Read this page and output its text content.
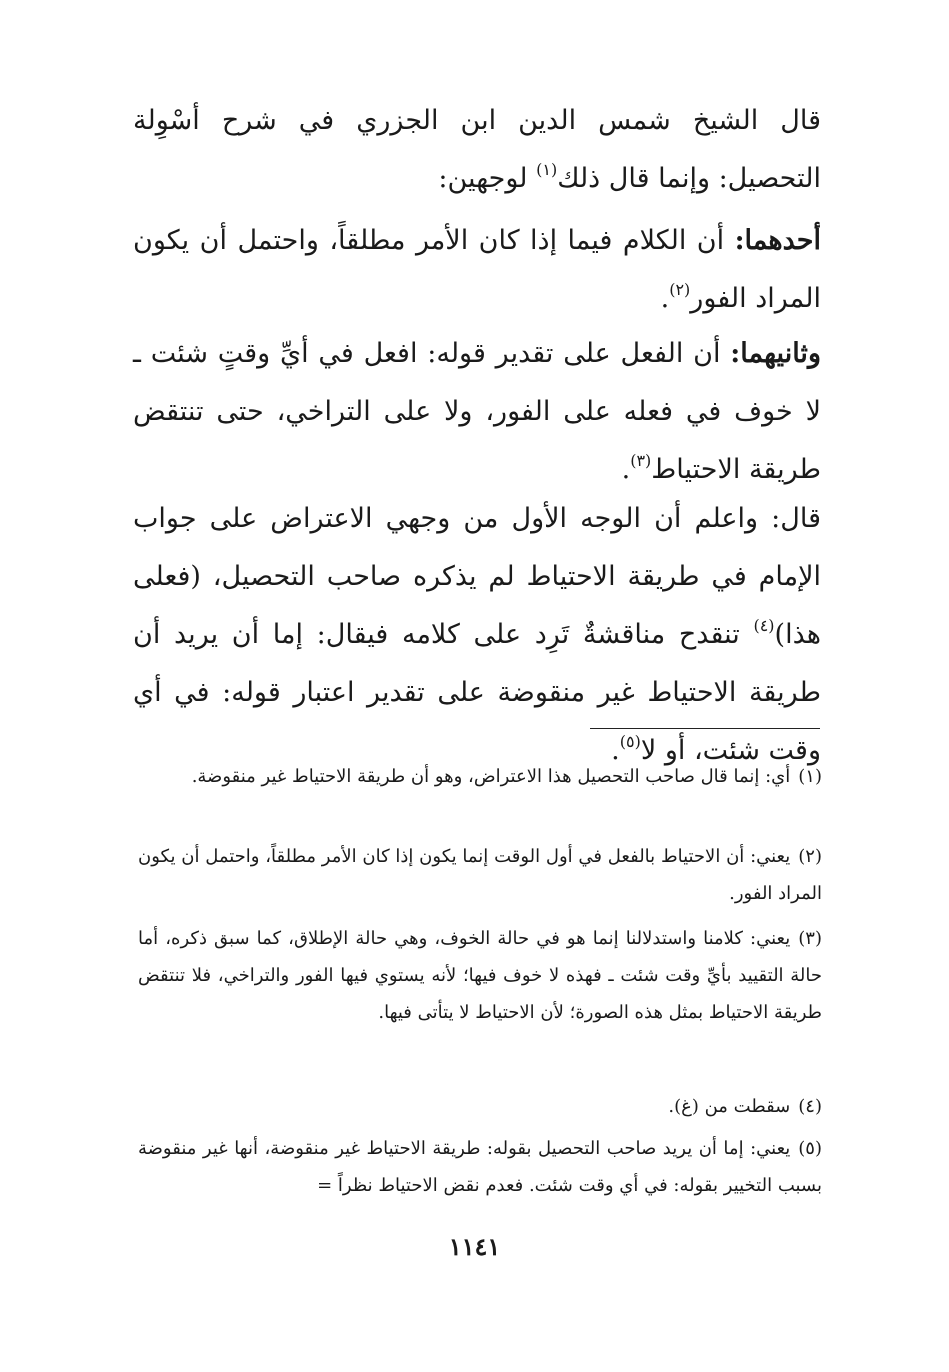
قال الشيخ شمس الدين ابن الجزري في شرح أسْوِلة التحصيل: وإنما قال ذلك$^{(١)}$ لوجهين:

أحدهما: أن الكلام فيما إذا كان الأمر مطلقاً، واحتمل أن يكون المراد الفور$^{(٢)}$.

وثانيهما: أن الفعل على تقدير قوله: افعل في أيِّ وقتٍ شئت ـ لا خوف في فعله على الفور، ولا على التراخي، حتى تنتقض طريقة الاحتياط$^{(٣)}$.

قال: واعلم أن الوجه الأول من وجهي الاعتراض على جواب الإمام في طريقة الاحتياط لم يذكره صاحب التحصيل، (فعلى هذا)$^{(٤)}$ تنقدح مناقشةٌ تَرِد على كلامه فيقال: إما أن يريد أن طريقة الاحتياط غير منقوضة على تقدير اعتبار قوله: في أي وقت شئت، أو لا$^{(٥)}$.

(١)أي: إنما قال صاحب التحصيل هذا الاعتراض، وهو أن طريقة الاحتياط غير منقوضة.

(٢)يعني: أن الاحتياط بالفعل في أول الوقت إنما يكون إذا كان الأمر مطلقاً، واحتمل أن يكون المراد الفور.

(٣)يعني: كلامنا واستدلالنا إنما هو في حالة الخوف، وهي حالة الإطلاق، كما سبق ذكره، أما حالة التقييد بأيِّ وقت شئت ـ فهذه لا خوف فيها؛ لأنه يستوي فيها الفور والتراخي، فلا تنتقض طريقة الاحتياط بمثل هذه الصورة؛ لأن الاحتياط لا يتأتى فيها.

(٤)سقطت من (غ).

(٥)يعني: إما أن يريد صاحب التحصيل بقوله: طريقة الاحتياط غير منقوضة، أنها غير منقوضة بسبب التخيير بقوله: في أي وقت شئت. فعدم نقض الاحتياط نظراً =

١١٤١
